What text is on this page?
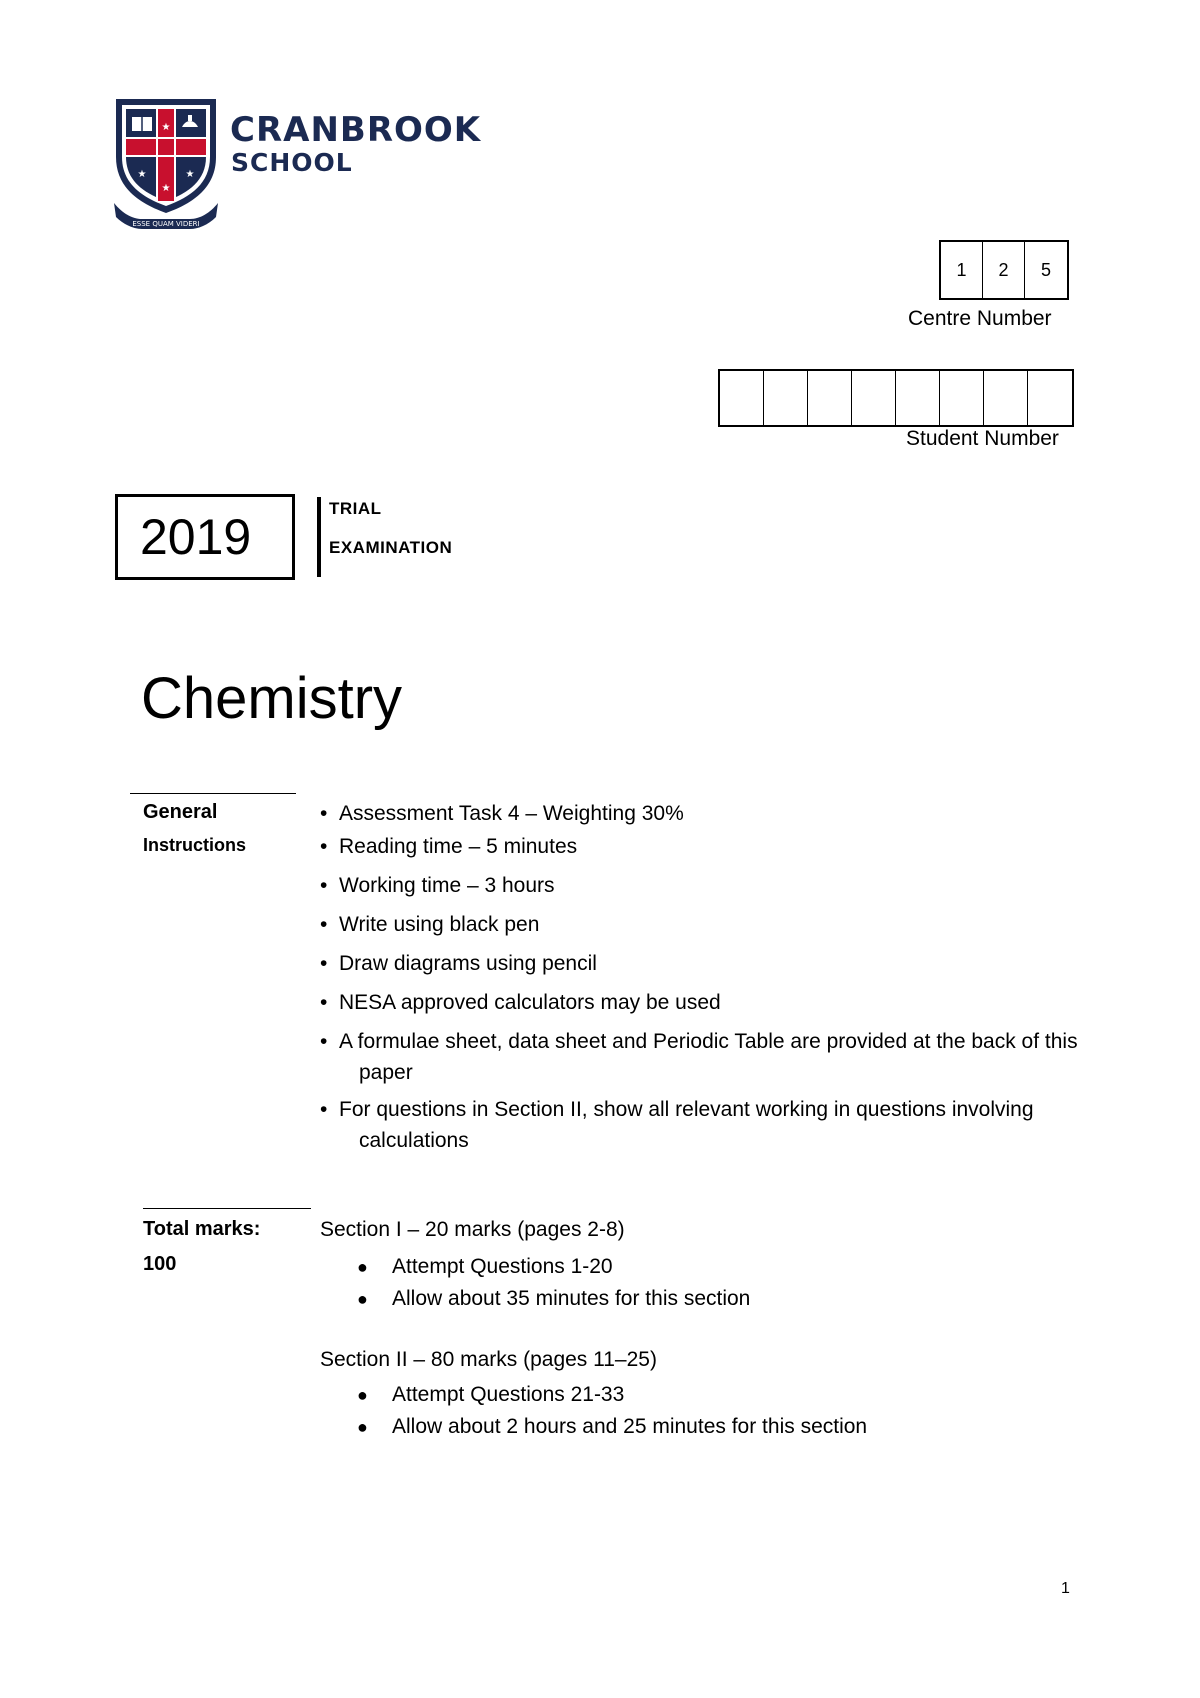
★
★	★
★
ESSE QUAM VIDERI
CRANBROOK
SCHOOL
1	2	5
Centre Number
Student Number
2019
TRIAL
EXAMINATION
Chemistry
General
Instructions
• Assessment Task 4 – Weighting 30%
• Reading time – 5 minutes
• Working time – 3 hours
• Write using black pen
• Draw diagrams using pencil
• NESA approved calculators may be used
• A formulae sheet, data sheet and Periodic Table are provided at the back of this paper
• For questions in Section II, show all relevant working in questions involving calculations
Total marks:
100
Section I – 20 marks (pages 2-8)
● Attempt Questions 1-20
● Allow about 35 minutes for this section
Section II – 80 marks (pages 11–25)
● Attempt Questions 21-33
● Allow about 2 hours and 25 minutes for this section
1
